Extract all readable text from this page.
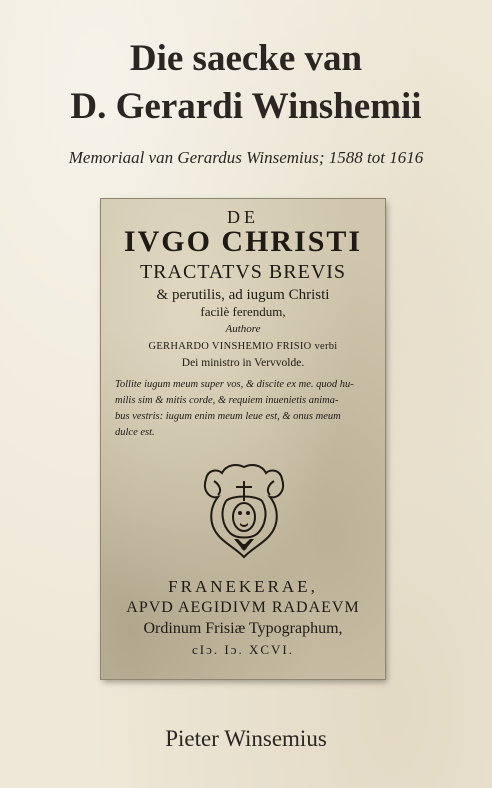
Die saecke van
D. Gerardi Winshemii
Memoriaal van Gerardus Winsemius; 1588 tot 1616
DE
IVGO CHRISTI
TRACTATVS BREVIS
& perutilis, ad iugum Christi
facilè ferendum,
Authore
GERHARDO VINSHEMIO FRISIO verbi
Dei ministro in Vervvolde.
Tollite iugum meum super vos, & discite ex me. quod hu-
milis sim & mitis corde, & requiem inuenietis anima-
bus vestris: iugum enim meum leue est, & onus meum
dulce est.
FRANEKERAE,
APVD AEGIDIVM RADAEVM
Ordinum Frisiæ Typographum,
cIɔ. Iɔ. XCVI.
Pieter Winsemius
